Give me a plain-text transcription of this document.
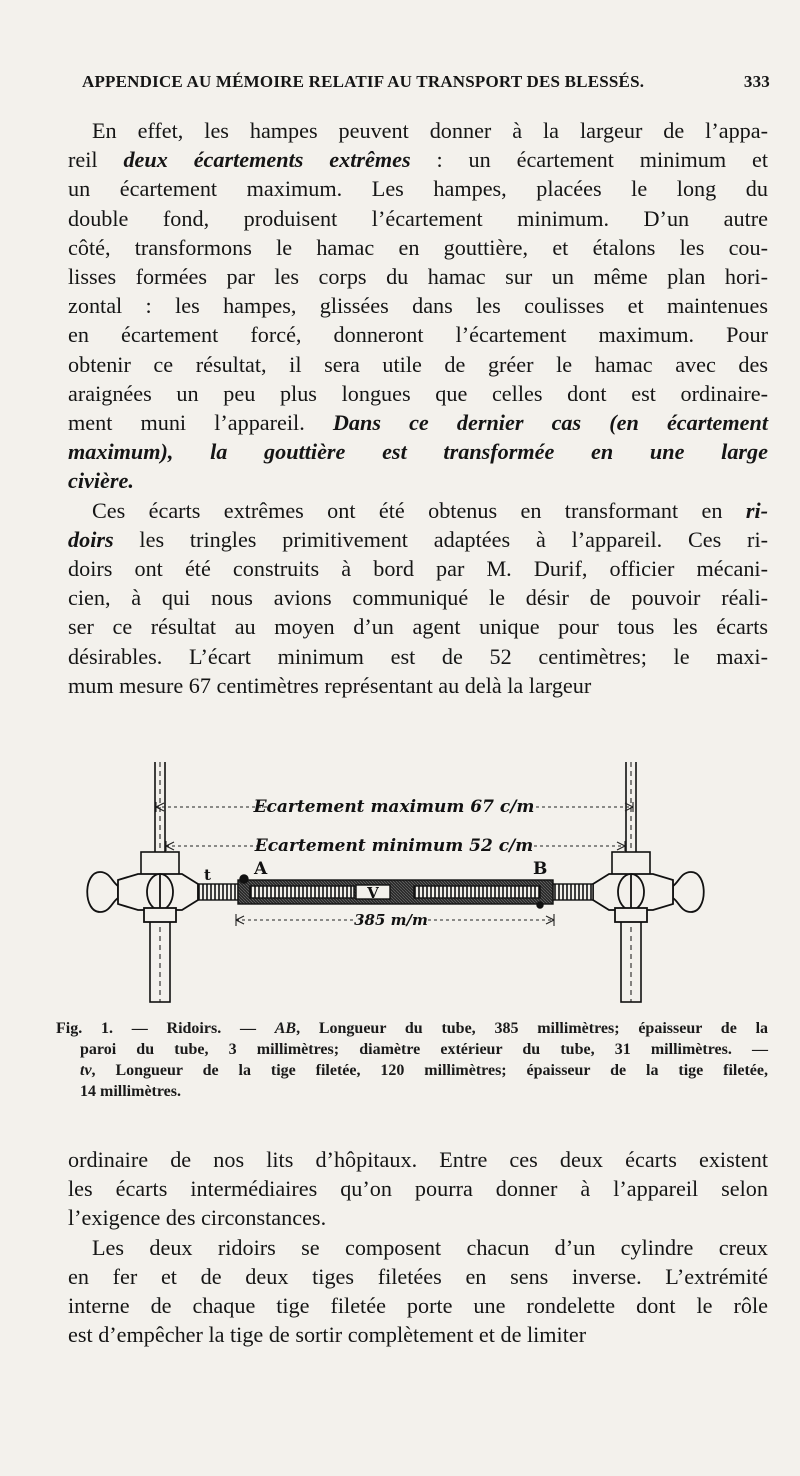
APPENDICE AU MÉMOIRE RELATIF AU TRANSPORT DES BLESSÉS.	333

En effet, les hampes peuvent donner à la largeur de l’appa-
reil deux écartements extrêmes : un écartement minimum et
un écartement maximum. Les hampes, placées le long du
double fond, produisent l’écartement minimum. D’un autre
côté, transformons le hamac en gouttière, et étalons les cou-
lisses formées par les corps du hamac sur un même plan hori-
zontal : les hampes, glissées dans les coulisses et maintenues
en écartement forcé, donneront l’écartement maximum. Pour
obtenir ce résultat, il sera utile de gréer le hamac avec des
araignées un peu plus longues que celles dont est ordinaire-
ment muni l’appareil. Dans ce dernier cas (en écartement
maximum), la gouttière est transformée en une large
civière.

Ces écarts extrêmes ont été obtenus en transformant en ri-
doirs les tringles primitivement adaptées à l’appareil. Ces ri-
doirs ont été construits à bord par M. Durif, officier mécani-
cien, à qui nous avions communiqué le désir de pouvoir réali-
ser ce résultat au moyen d’un agent unique pour tous les écarts
désirables. L’écart minimum est de 52 centimètres; le maxi-
mum mesure 67 centimètres représentant au delà la largeur

Ecartement maximum 67 c/m
Ecartement minimum 52 c/m
A	B
t
V
385 m/m
Fig. 1. — Ridoirs. — AB, Longueur du tube, 385 millimètres; épaisseur de la
paroi du tube, 3 millimètres; diamètre extérieur du tube, 31 millimètres. —
tv, Longueur de la tige filetée, 120 millimètres; épaisseur de la tige filetée,
14 millimètres.

ordinaire de nos lits d’hôpitaux. Entre ces deux écarts existent
les écarts intermédiaires qu’on pourra donner à l’appareil selon
l’exigence des circonstances.

Les deux ridoirs se composent chacun d’un cylindre creux
en fer et de deux tiges filetées en sens inverse. L’extrémité
interne de chaque tige filetée porte une rondelette dont le rôle
est d’empêcher la tige de sortir complètement et de limiter
